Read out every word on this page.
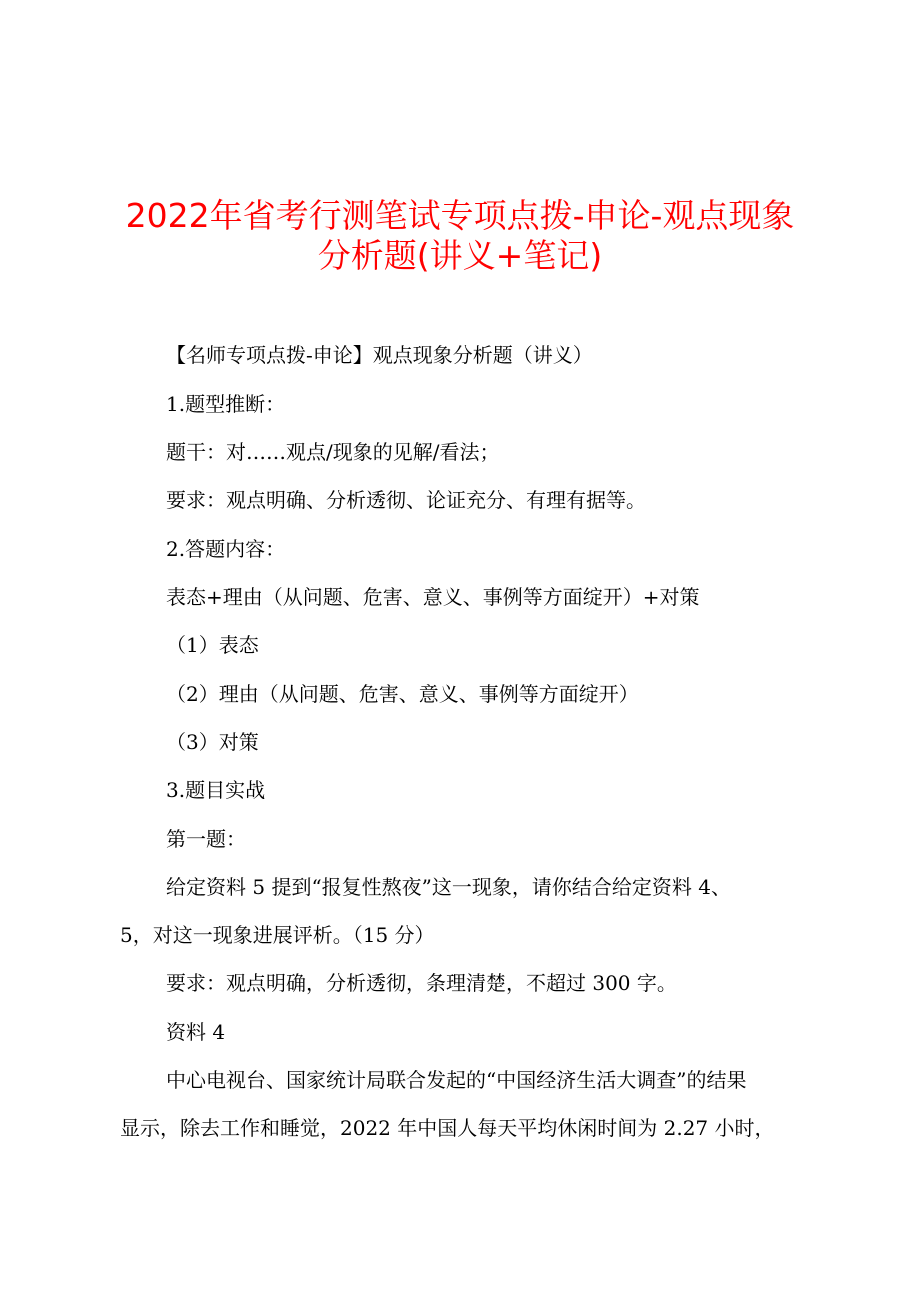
2022年省考行测笔试专项点拨-申论-观点现象
分析题(讲义+笔记)
【名师专项点拨-申论】观点现象分析题（讲义）
1.题型推断：
题干：对……观点/现象的见解/看法；
要求：观点明确、分析透彻、论证充分、有理有据等。
2.答题内容：
表态+理由（从问题、危害、意义、事例等方面绽开）+对策
（1）表态
（2）理由（从问题、危害、意义、事例等方面绽开）
（3）对策
3.题目实战
第一题：
给定资料 5 提到“报复性熬夜”这一现象，请你结合给定资料 4、
5，对这一现象进展评析。（15 分）
要求：观点明确，分析透彻，条理清楚，不超过 300 字。
资料 4
中心电视台、国家统计局联合发起的“中国经济生活大调查”的结果
显示，除去工作和睡觉，2022 年中国人每天平均休闲时间为 2.27 小时，
